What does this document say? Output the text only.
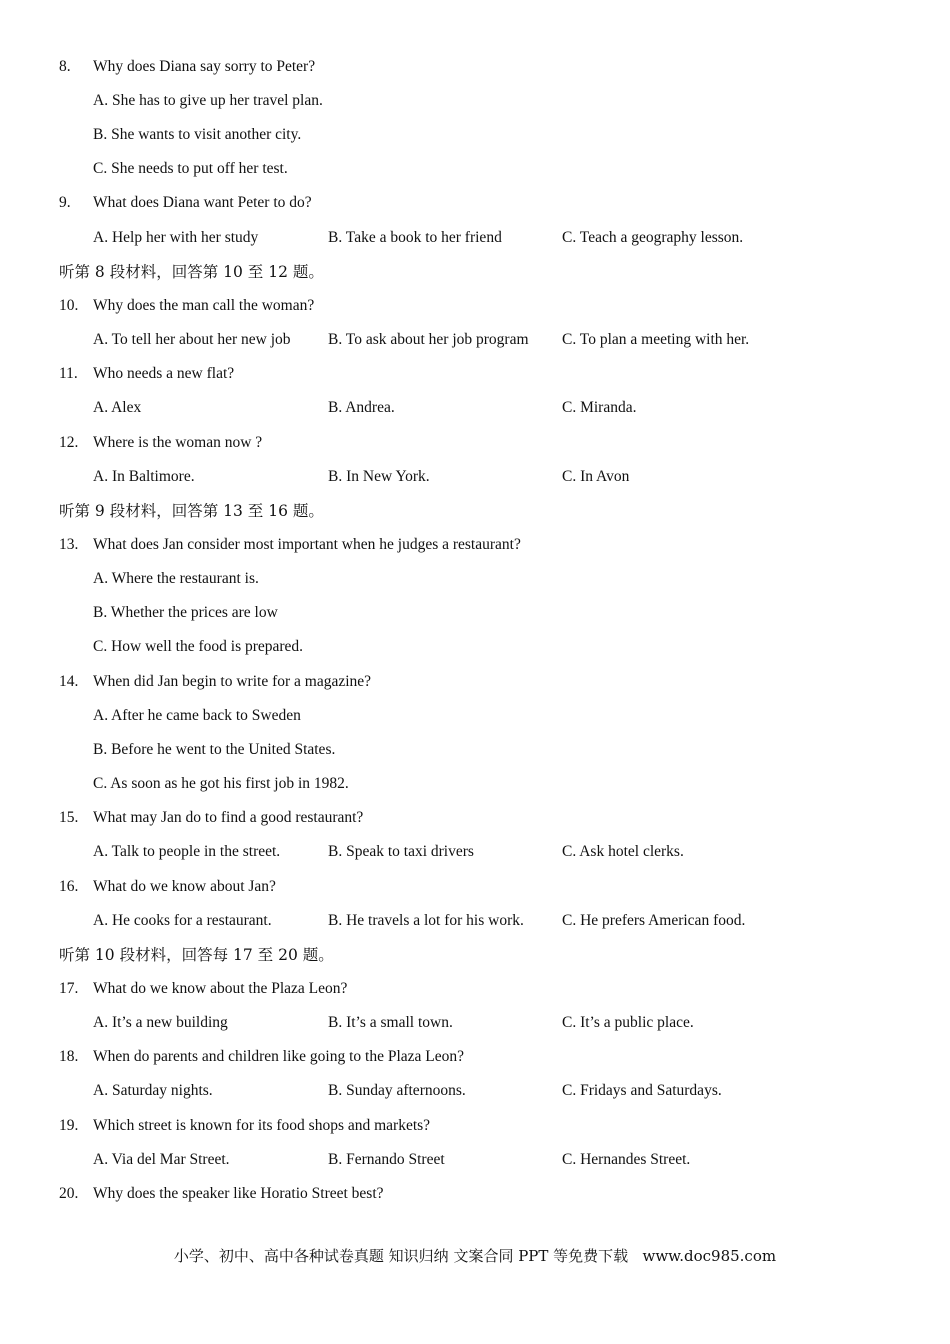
8. Why does Diana say sorry to Peter?
A. She has to give up her travel plan.
B. She wants to visit another city.
C. She needs to put off her test.
9. What does Diana want Peter to do?
A. Help her with her study	B. Take a book to her friend	C. Teach a geography lesson.
听第 8 段材料，回答第 10 至 12 题。
10. Why does the man call the woman?
A. To tell her about her new job B. To ask about her job program C. To plan a meeting with her.
11. Who needs a new flat?
A. Alex	B. Andrea.	C. Miranda.
12. Where is the woman now ?
A. In Baltimore.	B. In New York.	C. In Avon
听第 9 段材料，回答第 13 至 16 题。
13. What does Jan consider most important when he judges a restaurant?
A. Where the restaurant is.
B. Whether the prices are low
C. How well the food is prepared.
14. When did Jan begin to write for a magazine?
A. After he came back to Sweden
B. Before he went to the United States.
C. As soon as he got his first job in 1982.
15. What may Jan do to find a good restaurant?
A. Talk to people in the street.	B. Speak to taxi drivers	C. Ask hotel clerks.
16. What do we know about Jan?
A. He cooks for a restaurant.	B. He travels a lot for his work. C. He prefers American food.
听第 10 段材料，回答每 17 至 20 题。
17. What do we know about the Plaza Leon?
A. It’s a new building	B. It’s a small town.	C. It’s a public place.
18. When do parents and children like going to the Plaza Leon?
A. Saturday nights.	B. Sunday afternoons.	C. Fridays and Saturdays.
19. Which street is known for its food shops and markets?
A. Via del Mar Street.	B. Fernando Street	C. Hernandes Street.
20. Why does the speaker like Horatio Street best?
小学、初中、高中各种试卷真题 知识归纳 文案合同 PPT 等免费下载 www.doc985.com
